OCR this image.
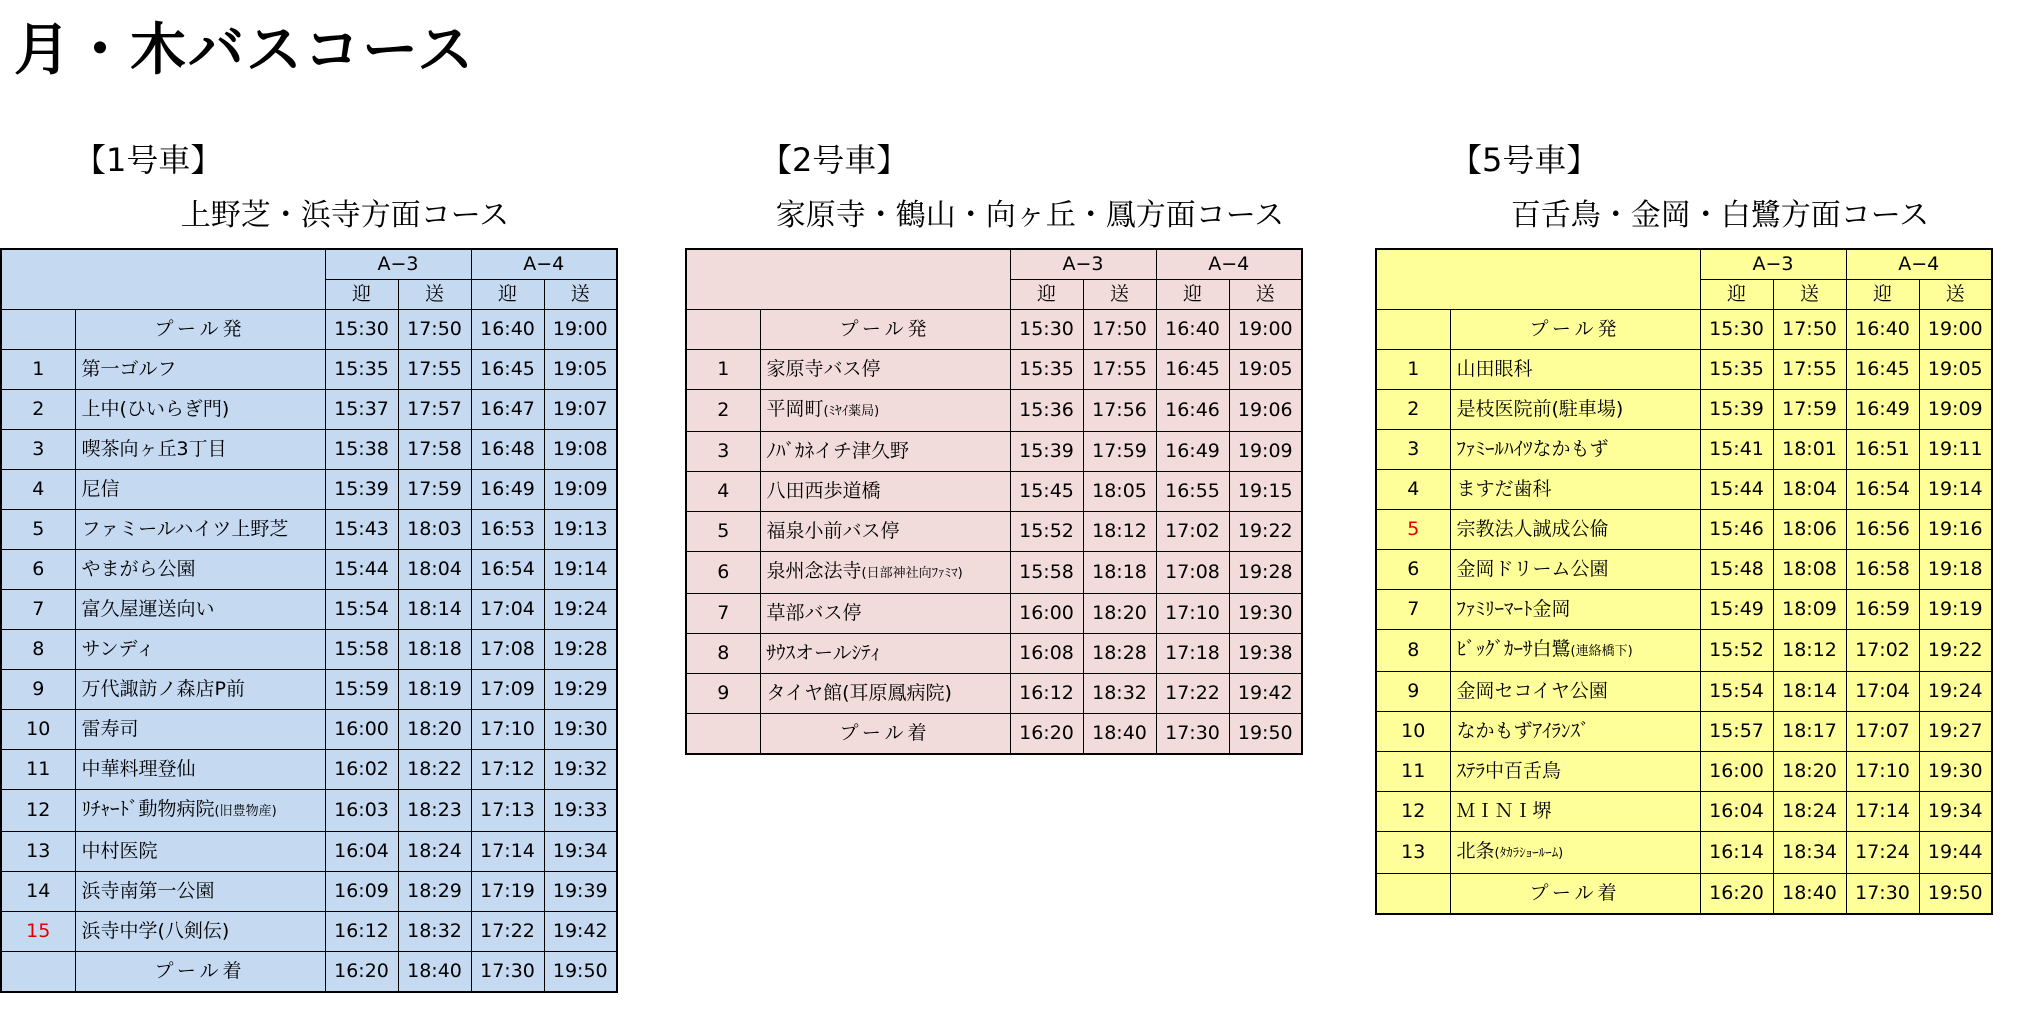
月・木バスコース
【1号車】
上野芝・浜寺方面コース
		A−3		A−4	
		迎	送	迎	送
	プール発	15:30	17:50	16:40	19:00
1	第一ゴルフ	15:35	17:55	16:45	19:05
2	上中(ひいらぎ門)	15:37	17:57	16:47	19:07
3	喫茶向ヶ丘3丁目	15:38	17:58	16:48	19:08
4	尼信	15:39	17:59	16:49	19:09
5	ファミールハイツ上野芝	15:43	18:03	16:53	19:13
6	やまがら公園	15:44	18:04	16:54	19:14
7	富久屋運送向い	15:54	18:14	17:04	19:24
8	サンディ	15:58	18:18	17:08	19:28
9	万代諏訪ノ森店P前	15:59	18:19	17:09	19:29
10	雷寿司	16:00	18:20	17:10	19:30
11	中華料理登仙	16:02	18:22	17:12	19:32
12	ﾘﾁｬｰﾄﾞ動物病院(旧豊物産)	16:03	18:23	17:13	19:33
13	中村医院	16:04	18:24	17:14	19:34
14	浜寺南第一公園	16:09	18:29	17:19	19:39
15	浜寺中学(八剣伝)	16:12	18:32	17:22	19:42
	プール着	16:20	18:40	17:30	19:50
【2号車】
家原寺・鶴山・向ヶ丘・鳳方面コース
		A−3		A−4	
		迎	送	迎	送
	プール発	15:30	17:50	16:40	19:00
1	家原寺バス停	15:35	17:55	16:45	19:05
2	平岡町(ﾐﾔｲ薬局)	15:36	17:56	16:46	19:06
3	ﾉﾊﾞｶﾈイチ津久野	15:39	17:59	16:49	19:09
4	八田西歩道橋	15:45	18:05	16:55	19:15
5	福泉小前バス停	15:52	18:12	17:02	19:22
6	泉州念法寺(日部神社向ﾌｧﾐﾏ)	15:58	18:18	17:08	19:28
7	草部バス停	16:00	18:20	17:10	19:30
8	ｻｳｽオールｼﾃｨ	16:08	18:28	17:18	19:38
9	タイヤ館(耳原鳳病院)	16:12	18:32	17:22	19:42
	プール着	16:20	18:40	17:30	19:50
【5号車】
百舌鳥・金岡・白鷺方面コース
		A−3		A−4	
		迎	送	迎	送
	プール発	15:30	17:50	16:40	19:00
1	山田眼科	15:35	17:55	16:45	19:05
2	是枝医院前(駐車場)	15:39	17:59	16:49	19:09
3	ﾌｧﾐｰﾙﾊｲﾂなかもず	15:41	18:01	16:51	19:11
4	ますだ歯科	15:44	18:04	16:54	19:14
5	宗教法人誠成公倫	15:46	18:06	16:56	19:16
6	金岡ドリーム公園	15:48	18:08	16:58	19:18
7	ﾌｧﾐﾘｰﾏｰﾄ金岡	15:49	18:09	16:59	19:19
8	ﾋﾞｯｸﾞｶｰｻ白鷺(連絡橋下)	15:52	18:12	17:02	19:22
9	金岡セコイヤ公園	15:54	18:14	17:04	19:24
10	なかもずｱｲﾗﾝｽﾞ	15:57	18:17	17:07	19:27
11	ｽﾃﾗ中百舌鳥	16:00	18:20	17:10	19:30
12	ＭＩＮＩ堺	16:04	18:24	17:14	19:34
13	北条(ﾀｶﾗｼｮｰﾙｰﾑ)	16:14	18:34	17:24	19:44
	プール着	16:20	18:40	17:30	19:50
